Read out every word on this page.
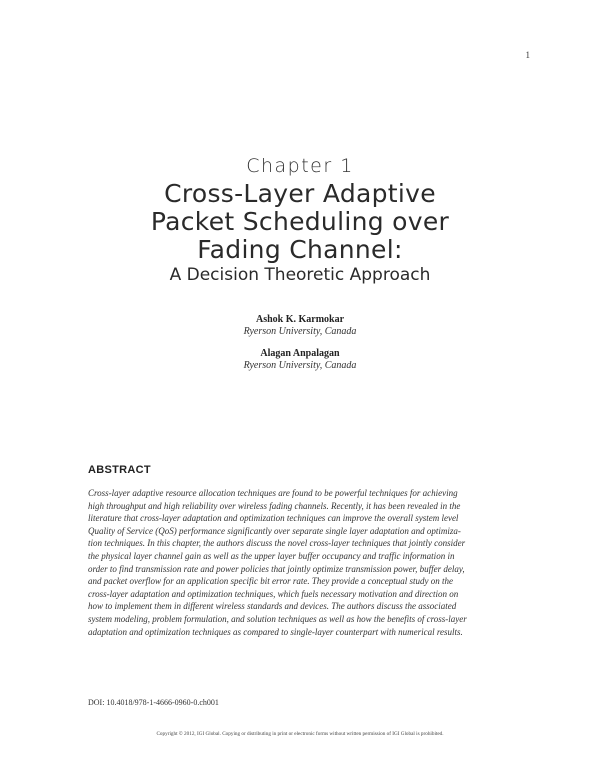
1
Chapter 1
Cross-Layer Adaptive
Packet Scheduling over
Fading Channel:
A Decision Theoretic Approach
Ashok K. Karmokar
Ryerson University, Canada
Alagan Anpalagan
Ryerson University, Canada
ABSTRACT
Cross-layer adaptive resource allocation techniques are found to be powerful techniques for achieving
high throughput and high reliability over wireless fading channels. Recently, it has been revealed in the
literature that cross-layer adaptation and optimization techniques can improve the overall system level
Quality of Service (QoS) performance significantly over separate single layer adaptation and optimiza-
tion techniques. In this chapter, the authors discuss the novel cross-layer techniques that jointly consider
the physical layer channel gain as well as the upper layer buffer occupancy and traffic information in
order to find transmission rate and power policies that jointly optimize transmission power, buffer delay,
and packet overflow for an application specific bit error rate. They provide a conceptual study on the
cross-layer adaptation and optimization techniques, which fuels necessary motivation and direction on
how to implement them in different wireless standards and devices. The authors discuss the associated
system modeling, problem formulation, and solution techniques as well as how the benefits of cross-layer
adaptation and optimization techniques as compared to single-layer counterpart with numerical results.
DOI: 10.4018/978-1-4666-0960-0.ch001
Copyright © 2012, IGI Global. Copying or distributing in print or electronic forms without written permission of IGI Global is prohibited.
